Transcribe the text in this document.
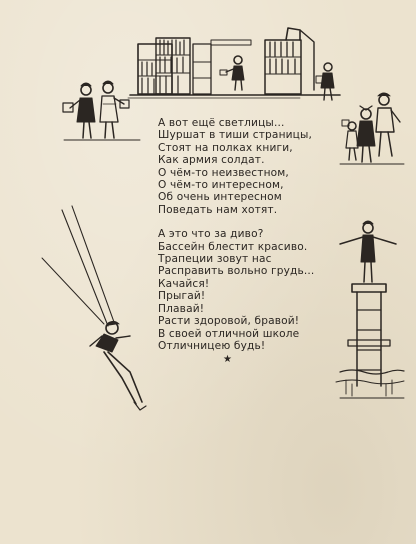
А вот ещё светлицы...
Шуршат в тиши страницы,
Стоят на полках книги,
Как армия солдат.
О чём-то неизвестном,
О чём-то интересном,
Об очень интересном
Поведать нам хотят.
А это что за диво?
Бассейн блестит красиво.
Трапеции зовут нас
Расправить вольно грудь...
Качайся!
Прыгай!
Плавай!
Расти здоровой, бравой!
В своей отличной школе
Отличницею будь!
★
